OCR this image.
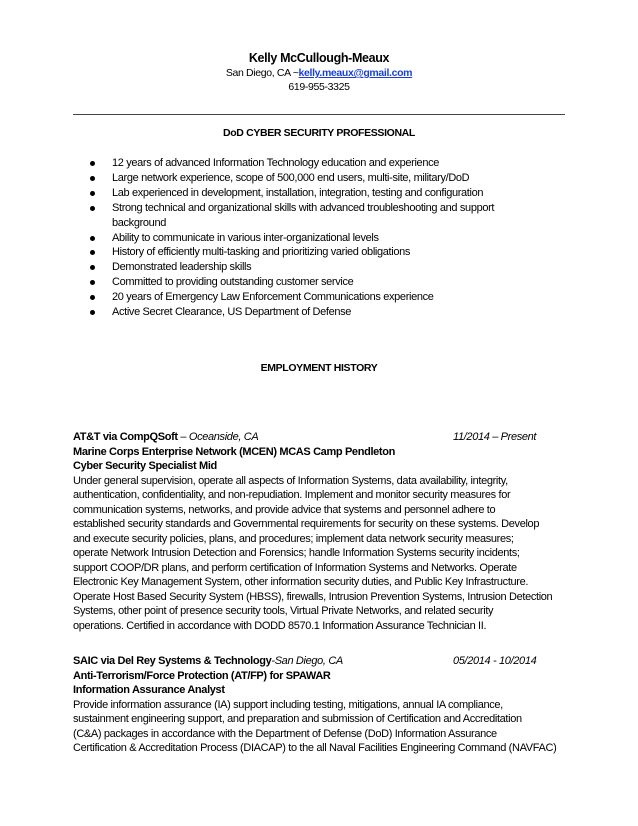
Kelly McCullough-Meaux
San Diego, CA ~kelly.meaux@gmail.com
619-955-3325
DoD CYBER SECURITY PROFESSIONAL
12 years of advanced Information Technology education and experience
Large network experience, scope of 500,000 end users, multi-site, military/DoD
Lab experienced in development, installation, integration, testing and configuration
Strong technical and organizational skills with advanced troubleshooting and support
background
Ability to communicate in various inter-organizational levels
History of efficiently multi-tasking and prioritizing varied obligations
Demonstrated leadership skills
Committed to providing outstanding customer service
20 years of Emergency Law Enforcement Communications experience
Active Secret Clearance, US Department of Defense
EMPLOYMENT HISTORY
AT&T via CompQSoft – Oceanside, CA	11/2014 – Present
Marine Corps Enterprise Network (MCEN) MCAS Camp Pendleton
Cyber Security Specialist Mid
Under general supervision, operate all aspects of Information Systems, data availability, integrity,
authentication, confidentiality, and non-repudiation. Implement and monitor security measures for
communication systems, networks, and provide advice that systems and personnel adhere to
established security standards and Governmental requirements for security on these systems. Develop
and execute security policies, plans, and procedures; implement data network security measures;
operate Network Intrusion Detection and Forensics; handle Information Systems security incidents;
support COOP/DR plans, and perform certification of Information Systems and Networks. Operate
Electronic Key Management System, other information security duties, and Public Key Infrastructure.
Operate Host Based Security System (HBSS), firewalls, Intrusion Prevention Systems, Intrusion Detection
Systems, other point of presence security tools, Virtual Private Networks, and related security
operations. Certified in accordance with DODD 8570.1 Information Assurance Technician II.
SAIC via Del Rey Systems & Technology-San Diego, CA	05/2014 - 10/2014
Anti-Terrorism/Force Protection (AT/FP) for SPAWAR
Information Assurance Analyst
Provide information assurance (IA) support including testing, mitigations, annual IA compliance,
sustainment engineering support, and preparation and submission of Certification and Accreditation
(C&A) packages in accordance with the Department of Defense (DoD) Information Assurance
Certification & Accreditation Process (DIACAP) to the all Naval Facilities Engineering Command (NAVFAC)
